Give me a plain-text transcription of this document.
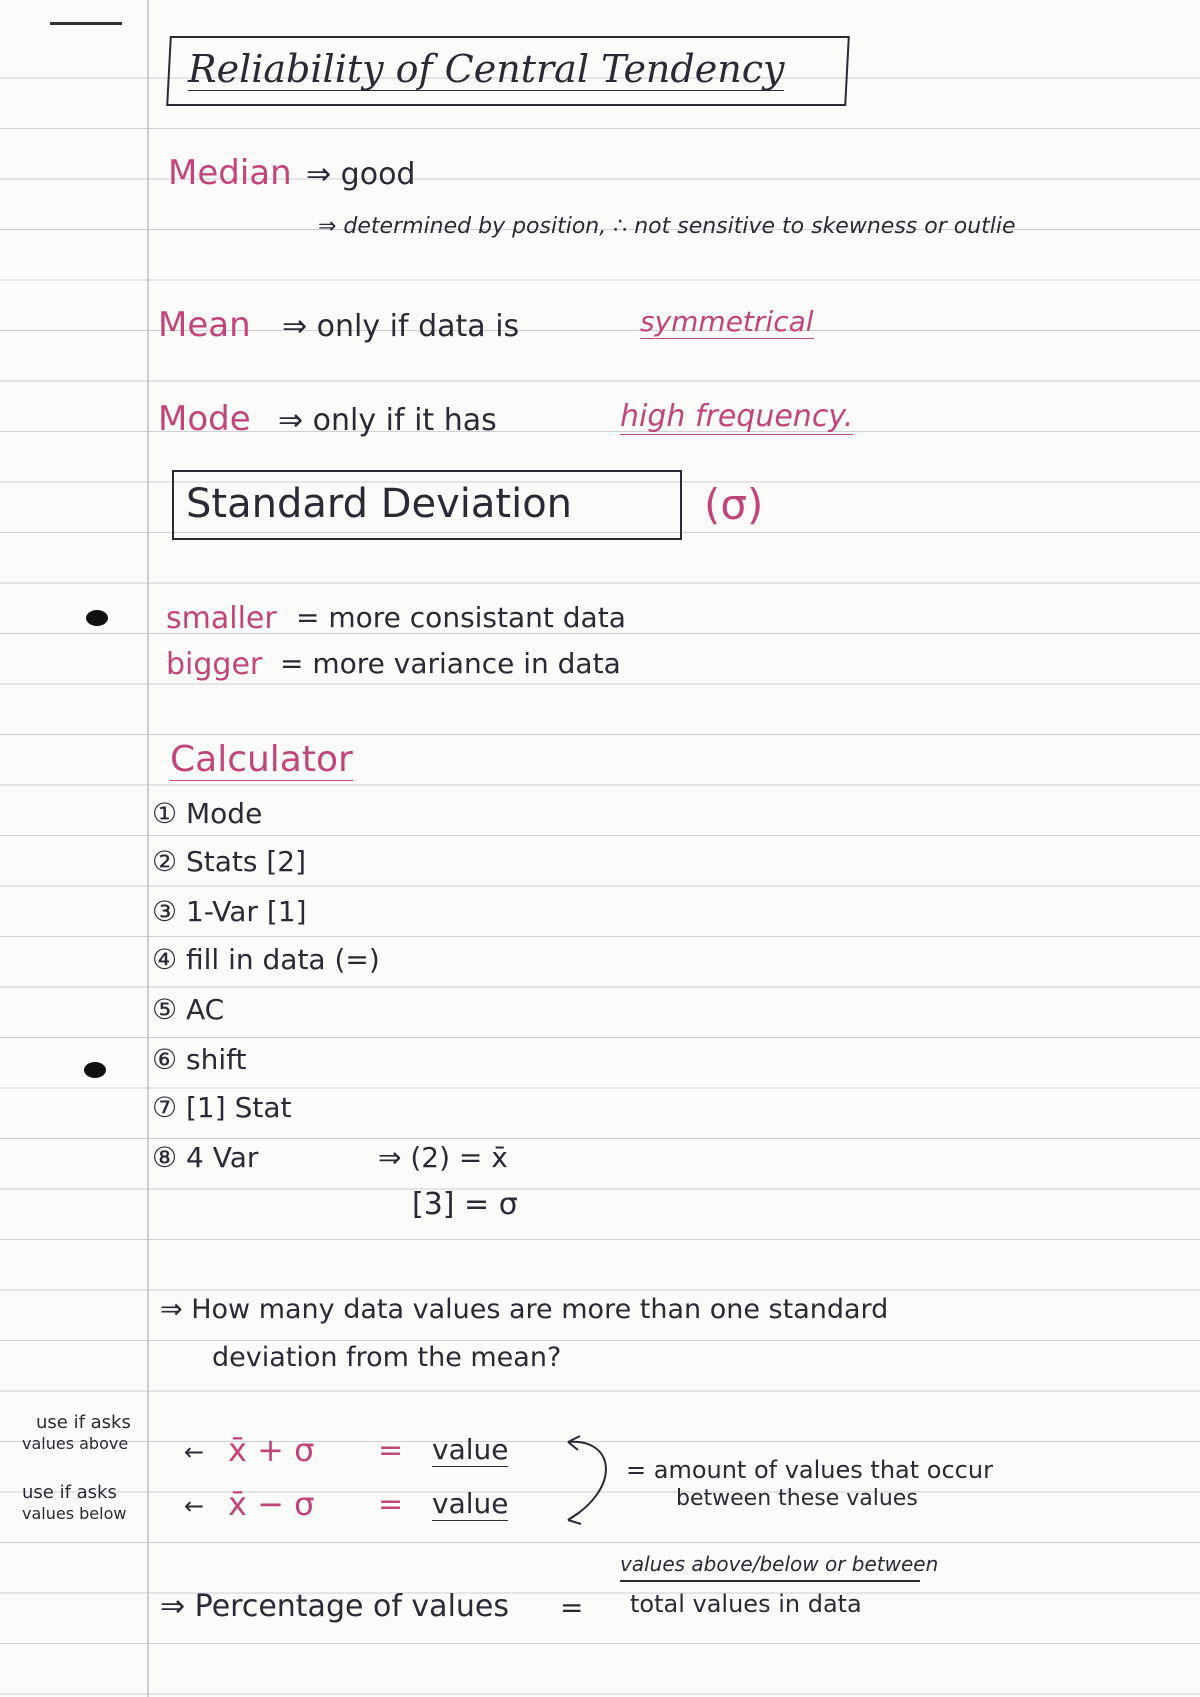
Reliability of Central Tendency
Median ⇒ good
⇒ determined by position, ∴ not sensitive to skewness or outlie
Mean ⇒ only if data is	symmetrical
Mode ⇒ only if it has	high frequency.
Standard Deviation	(σ)
smaller = more consistant data
bigger = more variance in data
Calculator
① Mode
② Stats [2]
③ 1-Var [1]
④ fill in data (=)
⑤ AC
⑥ shift
⑦ [1] Stat
⑧ 4 Var	⇒ (2) = x̄
[3] = σ
⇒ How many data values are more than one standard
deviation from the mean?
use if asks
values above
use if asks
values below
← x̄ + σ = value
← x̄ − σ = value
= amount of values that occur
between these values
⇒ Percentage of values =
values above/below or between
total values in data
